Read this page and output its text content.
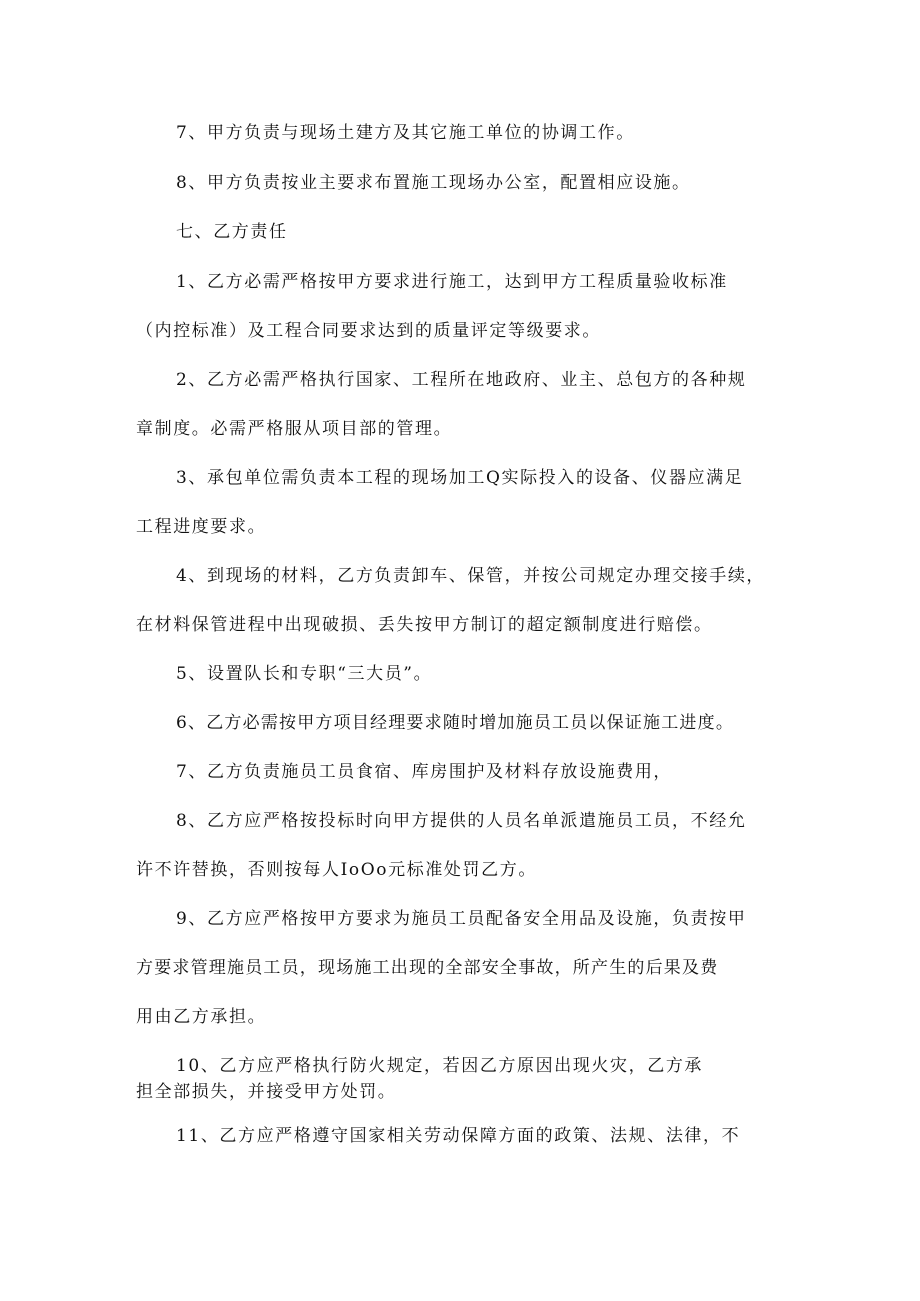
7、甲方负责与现场土建方及其它施工单位的协调工作。
8、甲方负责按业主要求布置施工现场办公室，配置相应设施。
七、乙方责任
1、乙方必需严格按甲方要求进行施工，达到甲方工程质量验收标准
（内控标准）及工程合同要求达到的质量评定等级要求。
2、乙方必需严格执行国家、工程所在地政府、业主、总包方的各种规
章制度。必需严格服从项目部的管理。
3、承包单位需负责本工程的现场加工Q实际投入的设备、仪器应满足
工程进度要求。
4、到现场的材料，乙方负责卸车、保管，并按公司规定办理交接手续，
在材料保管进程中出现破损、丢失按甲方制订的超定额制度进行赔偿。
5、设置队长和专职“三大员”。
6、乙方必需按甲方项目经理要求随时增加施员工员以保证施工进度。
7、乙方负责施员工员食宿、库房围护及材料存放设施费用，
8、乙方应严格按投标时向甲方提供的人员名单派遣施员工员，不经允
许不许替换，否则按每人IoOo元标准处罚乙方。
9、乙方应严格按甲方要求为施员工员配备安全用品及设施，负责按甲
方要求管理施员工员，现场施工出现的全部安全事故，所产生的后果及费
用由乙方承担。
10、乙方应严格执行防火规定，若因乙方原因出现火灾，乙方承
担全部损失，并接受甲方处罚。
11、乙方应严格遵守国家相关劳动保障方面的政策、法规、法律，不
